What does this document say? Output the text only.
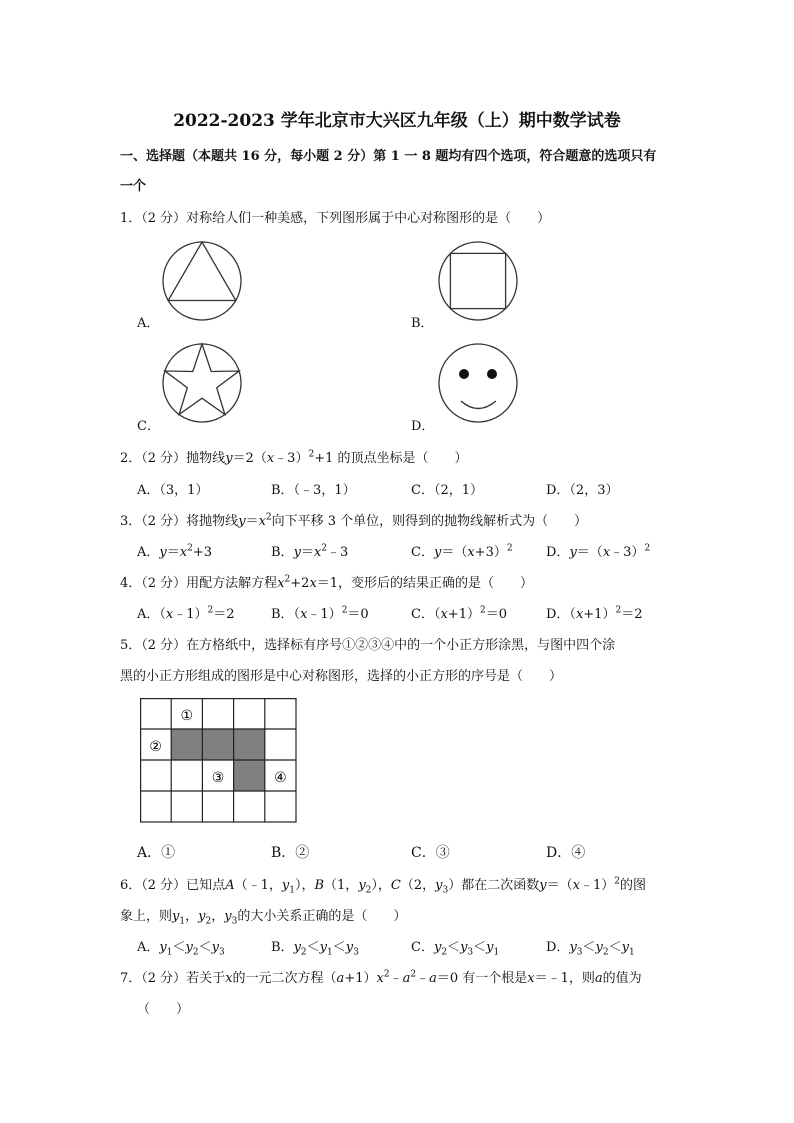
2022-2023 学年北京市大兴区九年级（上）期中数学试卷
一、选择题（本题共 16 分，每小题 2 分）第 1 一 8 题均有四个选项，符合题意的选项只有
一个
1．（2 分）对称给人们一种美感，下列图形属于中心对称图形的是（　　）
A．	B．
C．	D．
2．（2 分）抛物线y＝2（x﹣3）$^2$+1 的顶点坐标是（　　）
A．（3，1）	B．（﹣3，1）	C．（2，1）	D．（2，3）
3．（2 分）将抛物线$y=x^2$向下平移 3 个单位，则得到的抛物线解析式为（　　）
A．$y=x^2+3$	B．$y=x^2﹣3$	C．$y=(x+3)^2$	D．y＝（x﹣3）$^2$
4．（2 分）用配方法解方程$x^2+2x=1$，变形后的结果正确的是（　　）
A．（x﹣1）$^2$＝2	B．（x﹣1）$^2$＝0	C．$(x+1)^2=0$	D．$(x+1)^2=2$
5．（2 分）在方格纸中，选择标有序号①②③④中的一个小正方形涂黑，与图中四个涂
黑的小正方形组成的图形是中心对称图形，选择的小正方形的序号是（　　）
①
②
③	④
A．①	B．②	C．③	D．④
6．（2 分）已知点A（﹣1，$y_1$），B（1，$y_2$），C（2，$y_3$）都在二次函数y＝（x﹣1）$^2$的图
象上，则$y_1$，$y_2$，$y_3$的大小关系正确的是（　　）
A．$y_1<y_2<y_3$	B．$y_2<y_1<y_3$	C．$y_2<y_3<y_1$	D．$y_3<y_2<y_1$
7．（2 分）若关于x的一元二次方程$(a+1)x^2﹣a^2﹣a=0$ 有一个根是x＝﹣1，则a的值为
（　　）
